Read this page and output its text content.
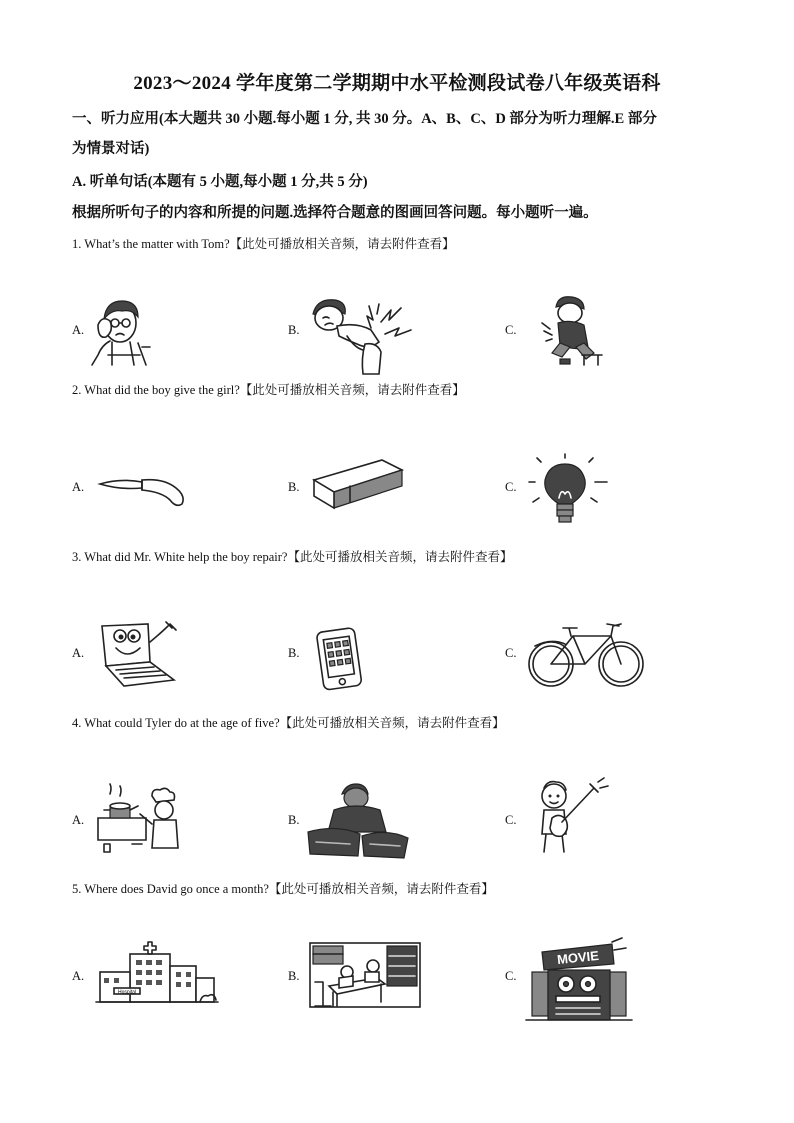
2023～2024 学年度第二学期期中水平检测段试卷八年级英语科
一、听力应用(本大题共 30 小题.每小题 1 分, 共 30 分。A、B、C、D 部分为听力理解.E 部分
为情景对话)
A. 听单句话(本题有 5 小题,每小题 1 分,共 5 分)
根据所听句子的内容和所提的问题.选择符合题意的图画回答问题。每小题听一遍。
1. What’s the matter with Tom?【此处可播放相关音频，请去附件查看】
A.	B.	C.
2. What did the boy give the girl?【此处可播放相关音频，请去附件查看】
A.	B.	C.
3. What did Mr. White help the boy repair?【此处可播放相关音频，请去附件查看】
A.	B.	C.
4. What could Tyler do at the age of five?【此处可播放相关音频，请去附件查看】
A.	B.	C.
5. Where does David go once a month?【此处可播放相关音频，请去附件查看】
A.	B.	C.
Hospital
MOVIE
